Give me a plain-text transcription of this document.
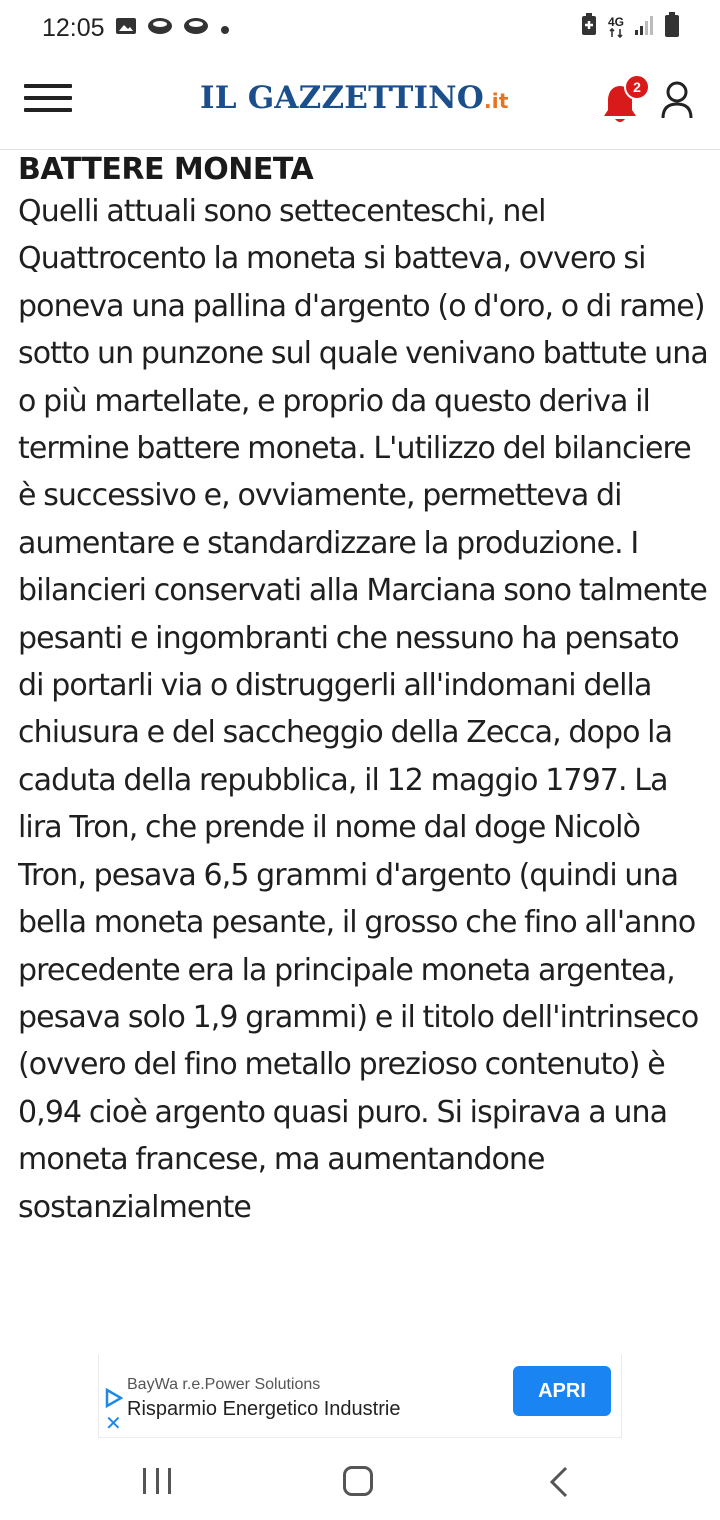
12:05	4G

IL GAZZETTINO.it
2
BATTERE MONETA

Quelli attuali sono settecenteschi, nel Quattrocento la moneta si batteva, ovvero si poneva una pallina d'argento (o d'oro, o di rame) sotto un punzone sul quale venivano battute una o più martellate, e proprio da questo deriva il termine battere moneta. L'utilizzo del bilanciere è successivo e, ovviamente, permetteva di aumentare e standardizzare la produzione. I bilancieri conservati alla Marciana sono talmente pesanti e ingombranti che nessuno ha pensato di portarli via o distruggerli all'indomani della chiusura e del saccheggio della Zecca, dopo la caduta della repubblica, il 12 maggio 1797. La lira Tron, che prende il nome dal doge Nicolò Tron, pesava 6,5 grammi d'argento (quindi una bella moneta pesante, il grosso che fino all'anno precedente era la principale moneta argentea, pesava solo 1,9 grammi) e il titolo dell'intrinseco (ovvero del fino metallo prezioso contenuto) è 0,94 cioè argento quasi puro. Si ispirava a una moneta francese, ma aumentandone sostanzialmente

✕
BayWa r.e.Power Solutions
Risparmio Energetico Industrie
APRI
